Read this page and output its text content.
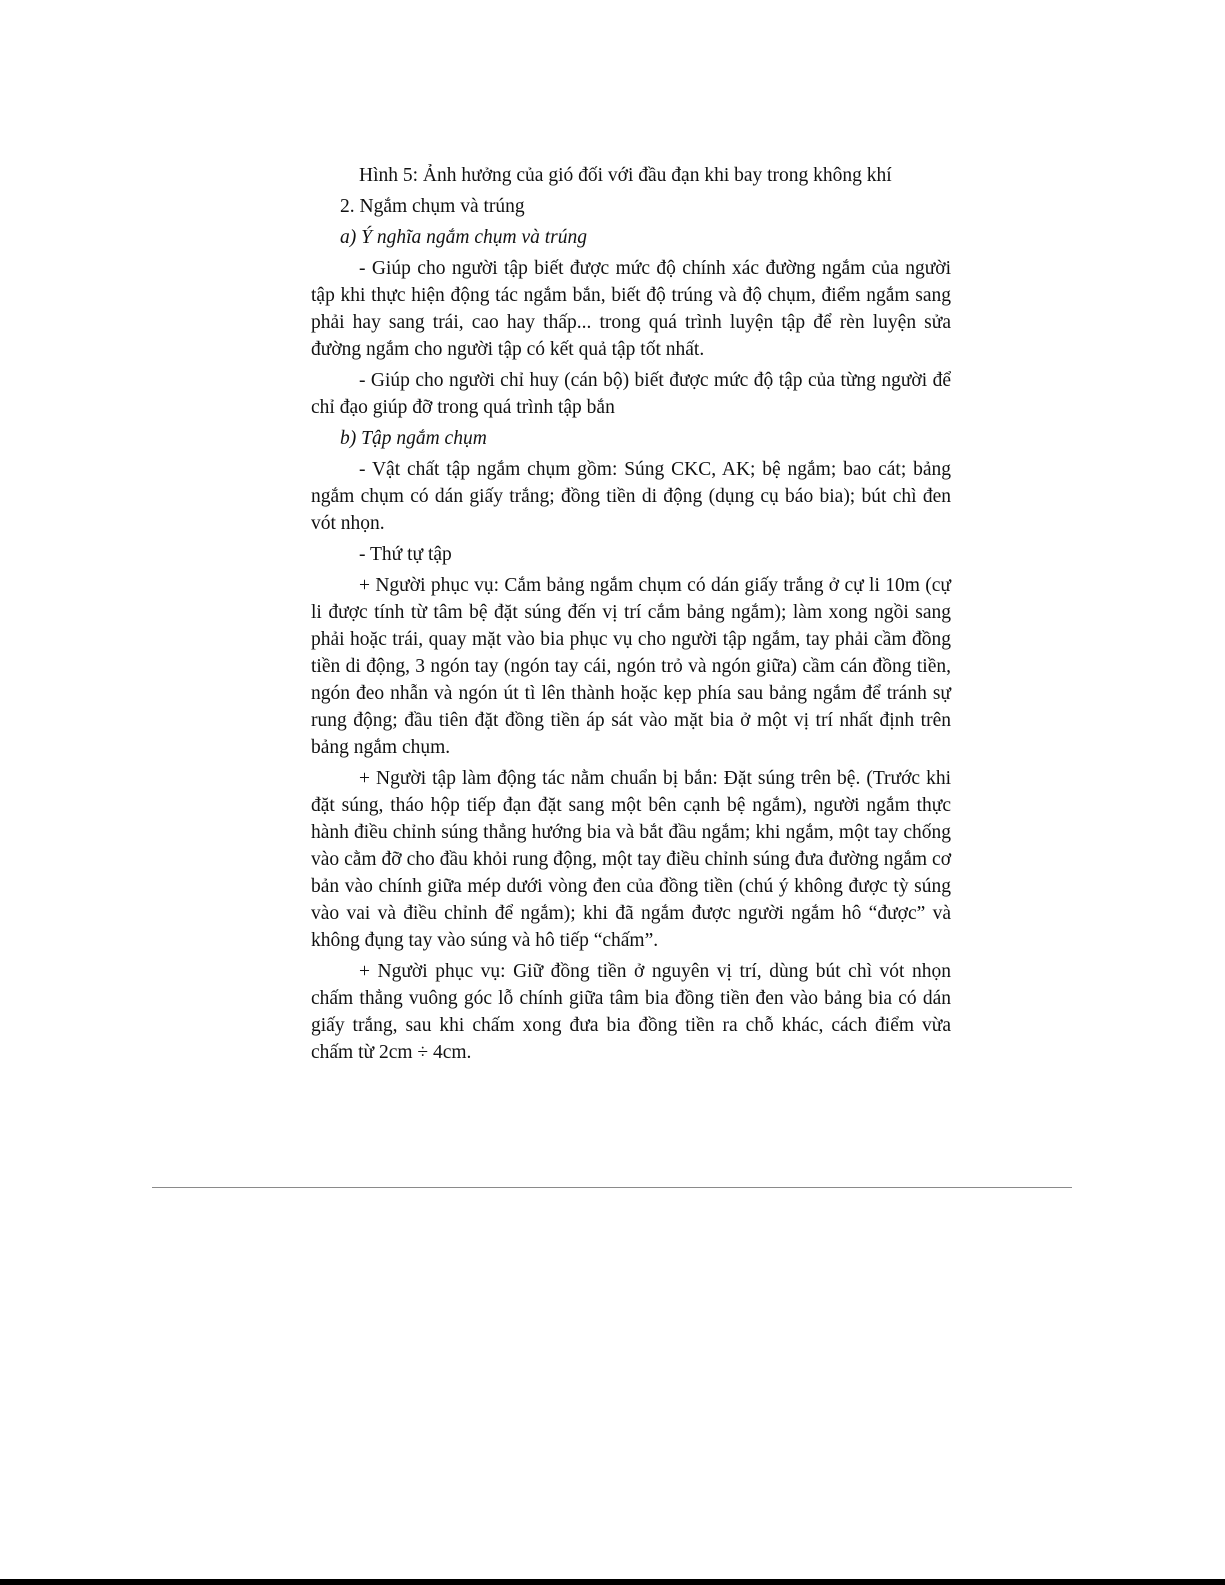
Hình 5: Ảnh hưởng của gió đối với đầu đạn khi bay trong không khí

2. Ngắm chụm và trúng

a) Ý nghĩa ngắm chụm và trúng

- Giúp cho người tập biết được mức độ chính xác đường ngắm của người tập khi thực hiện động tác ngắm bắn, biết độ trúng và độ chụm, điểm ngắm sang phải hay sang trái, cao hay thấp... trong quá trình luyện tập để rèn luyện sửa đường ngắm cho người tập có kết quả tập tốt nhất.

- Giúp cho người chỉ huy (cán bộ) biết được mức độ tập của từng người để chỉ đạo giúp đỡ trong quá trình tập bắn

b) Tập ngắm chụm

- Vật chất tập ngắm chụm gồm: Súng CKC, AK; bệ ngắm; bao cát; bảng ngắm chụm có dán giấy trắng; đồng tiền di động (dụng cụ báo bia); bút chì đen vót nhọn.

- Thứ tự tập

+ Người phục vụ: Cắm bảng ngắm chụm có dán giấy trắng ở cự li 10m (cự li được tính từ tâm bệ đặt súng đến vị trí cắm bảng ngắm); làm xong ngồi sang phải hoặc trái, quay mặt vào bia phục vụ cho người tập ngắm, tay phải cầm đồng tiền di động, 3 ngón tay (ngón tay cái, ngón trỏ và ngón giữa) cầm cán đồng tiền, ngón đeo nhẫn và ngón út tì lên thành hoặc kẹp phía sau bảng ngắm để tránh sự rung động; đầu tiên đặt đồng tiền áp sát vào mặt bia ở một vị trí nhất định trên bảng ngắm chụm.

+ Người tập làm động tác nằm chuẩn bị bắn: Đặt súng trên bệ. (Trước khi đặt súng, tháo hộp tiếp đạn đặt sang một bên cạnh bệ ngắm), người ngắm thực hành điều chỉnh súng thẳng hướng bia và bắt đầu ngắm; khi ngắm, một tay chống vào cằm đỡ cho đầu khỏi rung động, một tay điều chỉnh súng đưa đường ngắm cơ bản vào chính giữa mép dưới vòng đen của đồng tiền (chú ý không được tỳ súng vào vai và điều chỉnh để ngắm); khi đã ngắm được người ngắm hô “được” và không đụng tay vào súng và hô tiếp “chấm”.

+ Người phục vụ: Giữ đồng tiền ở nguyên vị trí, dùng bút chì vót nhọn chấm thẳng vuông góc lỗ chính giữa tâm bia đồng tiền đen vào bảng bia có dán giấy trắng, sau khi chấm xong đưa bia đồng tiền ra chỗ khác, cách điểm vừa chấm từ 2cm ÷ 4cm.
